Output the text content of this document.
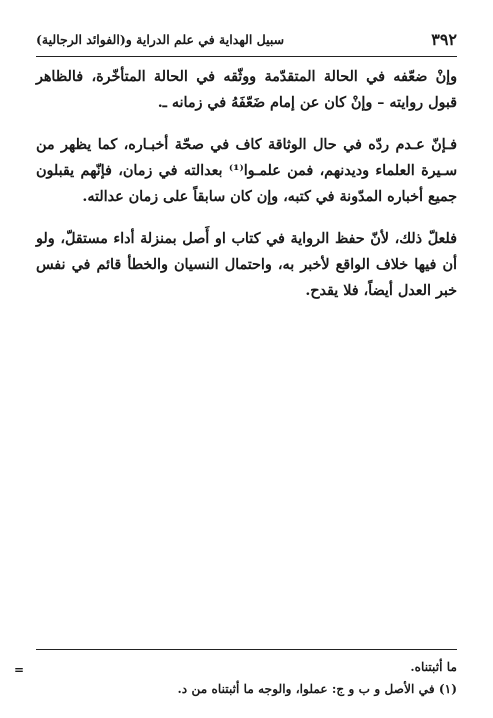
٣٩٢
سبيل الهداية في علم الدراية و(الفوائد الرجالية)

وإنْ ضعّفه في الحالة المتقدّمة ووثّقه في الحالة المتأخّرة، فالظاهر قبول روايته – وإنْ كان عن إمام ضَعّفَهُ في زمانه ـ.

فـإنّ عـدم ردّه في حال الوثاقة كاف في صحّة أخبـاره، كما يظهر من سـيرة العلماء وديدنهم، فمن علمـوا⁽¹⁾ بعدالته في زمان، فإنّهم يقبلون جميع أخباره المدّونة في كتبه، وإن كان سابقاً على زمان عدالته.

فلعلّ ذلك، لأنّ حفظ الرواية في كتاب او أَصل بمنزلة أداء مستقلّ، ولو أن فيها خلاف الواقع لأخبر به، واحتمال النسيان والخطأ قائم في نفس خبر العدل أيضاً، فلا يقدح.

=	ما أثبتناه.
(١) في الأصل و ب و ج: عملوا، والوجه ما أثبتناه من د.
